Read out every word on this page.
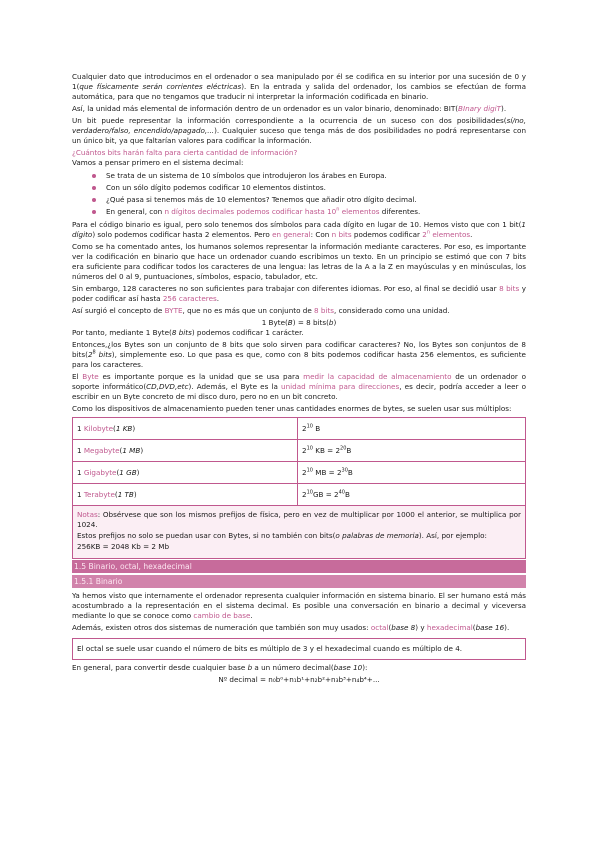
Cualquier dato que introducimos en el ordenador o sea manipulado por él se codifica en su interior por una sucesión de 0 y 1(que físicamente serán corrientes eléctricas). En la entrada y salida del ordenador, los cambios se efectúan de forma automática, para que no tengamos que traducir ni interpretar la información codificada en binario.

Así, la unidad más elemental de información dentro de un ordenador es un valor binario, denominado: BIT(BInary digiT).

Un bit puede representar la información correspondiente a la ocurrencia de un suceso con dos posibilidades(sí/no, verdadero/falso, encendido/apagado,...). Cualquier suceso que tenga más de dos posibilidades no podrá representarse con un único bit, ya que faltarían valores para codificar la información.

¿Cuántos bits harán falta para cierta cantidad de información?

Vamos a pensar primero en el sistema decimal:

Se trata de un sistema de 10 símbolos que introdujeron los árabes en Europa.
Con un sólo dígito podemos codificar 10 elementos distintos.
¿Qué pasa si tenemos más de 10 elementos? Tenemos que añadir otro dígito decimal.
En general, con n dígitos decimales podemos codificar hasta 10$^n$ elementos diferentes.

Para el código binario es igual, pero solo tenemos dos símbolos para cada dígito en lugar de 10. Hemos visto que con 1 bit(1 dígito) solo podemos codificar hasta 2 elementos. Pero en general: Con n bits podemos codificar 2$^n$ elementos.

Como se ha comentado antes, los humanos solemos representar la información mediante caracteres. Por eso, es importante ver la codificación en binario que hace un ordenador cuando escribimos un texto. En un principio se estimó que con 7 bits era suficiente para codificar todos los caracteres de una lengua: las letras de la A a la Z en mayúsculas y en minúsculas, los números del 0 al 9, puntuaciones, símbolos, espacio, tabulador, etc.

Sin embargo, 128 caracteres no son suficientes para trabajar con diferentes idiomas. Por eso, al final se decidió usar 8 bits y poder codificar así hasta 256 caracteres.

Así surgió el concepto de BYTE, que no es más que un conjunto de 8 bits, considerado como una unidad.

1 Byte(B) = 8 bits(b)

Por tanto, mediante 1 Byte(8 bits) podemos codificar 1 carácter.

Entonces,¿los Bytes son un conjunto de 8 bits que solo sirven para codificar caracteres? No, los Bytes son conjuntos de 8 $bits(2^8$ bits), simplemente eso. Lo que pasa es que, como con 8 bits podemos codificar hasta 256 elementos, es suficiente para los caracteres.

El Byte es importante porque es la unidad que se usa para medir la capacidad de almacenamiento de un ordenador o soporte informático(CD,DVD,etc). Además, el Byte es la unidad mínima para direcciones, es decir, podría acceder a leer o escribir en un Byte concreto de mi disco duro, pero no en un bit concreto.

Como los dispositivos de almacenamiento pueden tener unas cantidades enormes de bytes, se suelen usar sus múltiplos:

1 Kilobyte(1 KB)	$2^{10}$ B
1 Megabyte(1 MB)	$2^{10}$ KB = $2^{20}B$
1 Gigabyte(1 GB)	$2^{10}$ MB = $2^{30}B$
1 Terabyte(1 TB)	$2^{10}GB = 2^{40}B$

Notas: Obsérvese que son los mismos prefijos de física, pero en vez de multiplicar por 1000 el anterior, se multiplica por 1024.

Estos prefijos no solo se puedan usar con Bytes, si no también con bits(o palabras de memoria). Así, por ejemplo:

256KB = 2048 Kb = 2 Mb

1.5 Binario, octal, hexadecimal
1.5.1 Binario

Ya hemos visto que internamente el ordenador representa cualquier información en sistema binario. El ser humano está más acostumbrado a la representación en el sistema decimal. Es posible una conversación en binario a decimal y viceversa mediante lo que se conoce como cambio de base.

Además, existen otros dos sistemas de numeración que también son muy usados: octal(base 8) y hexadecimal(base 16).

El octal se suele usar cuando el número de bits es múltiplo de 3 y el hexadecimal cuando es múltiplo de 4.

En general, para convertir desde cualquier base b a un número decimal(base 10):

Nº decimal = n₀b⁰+n₁b¹+n₂b²+n₃b³+n₄b⁴+...
